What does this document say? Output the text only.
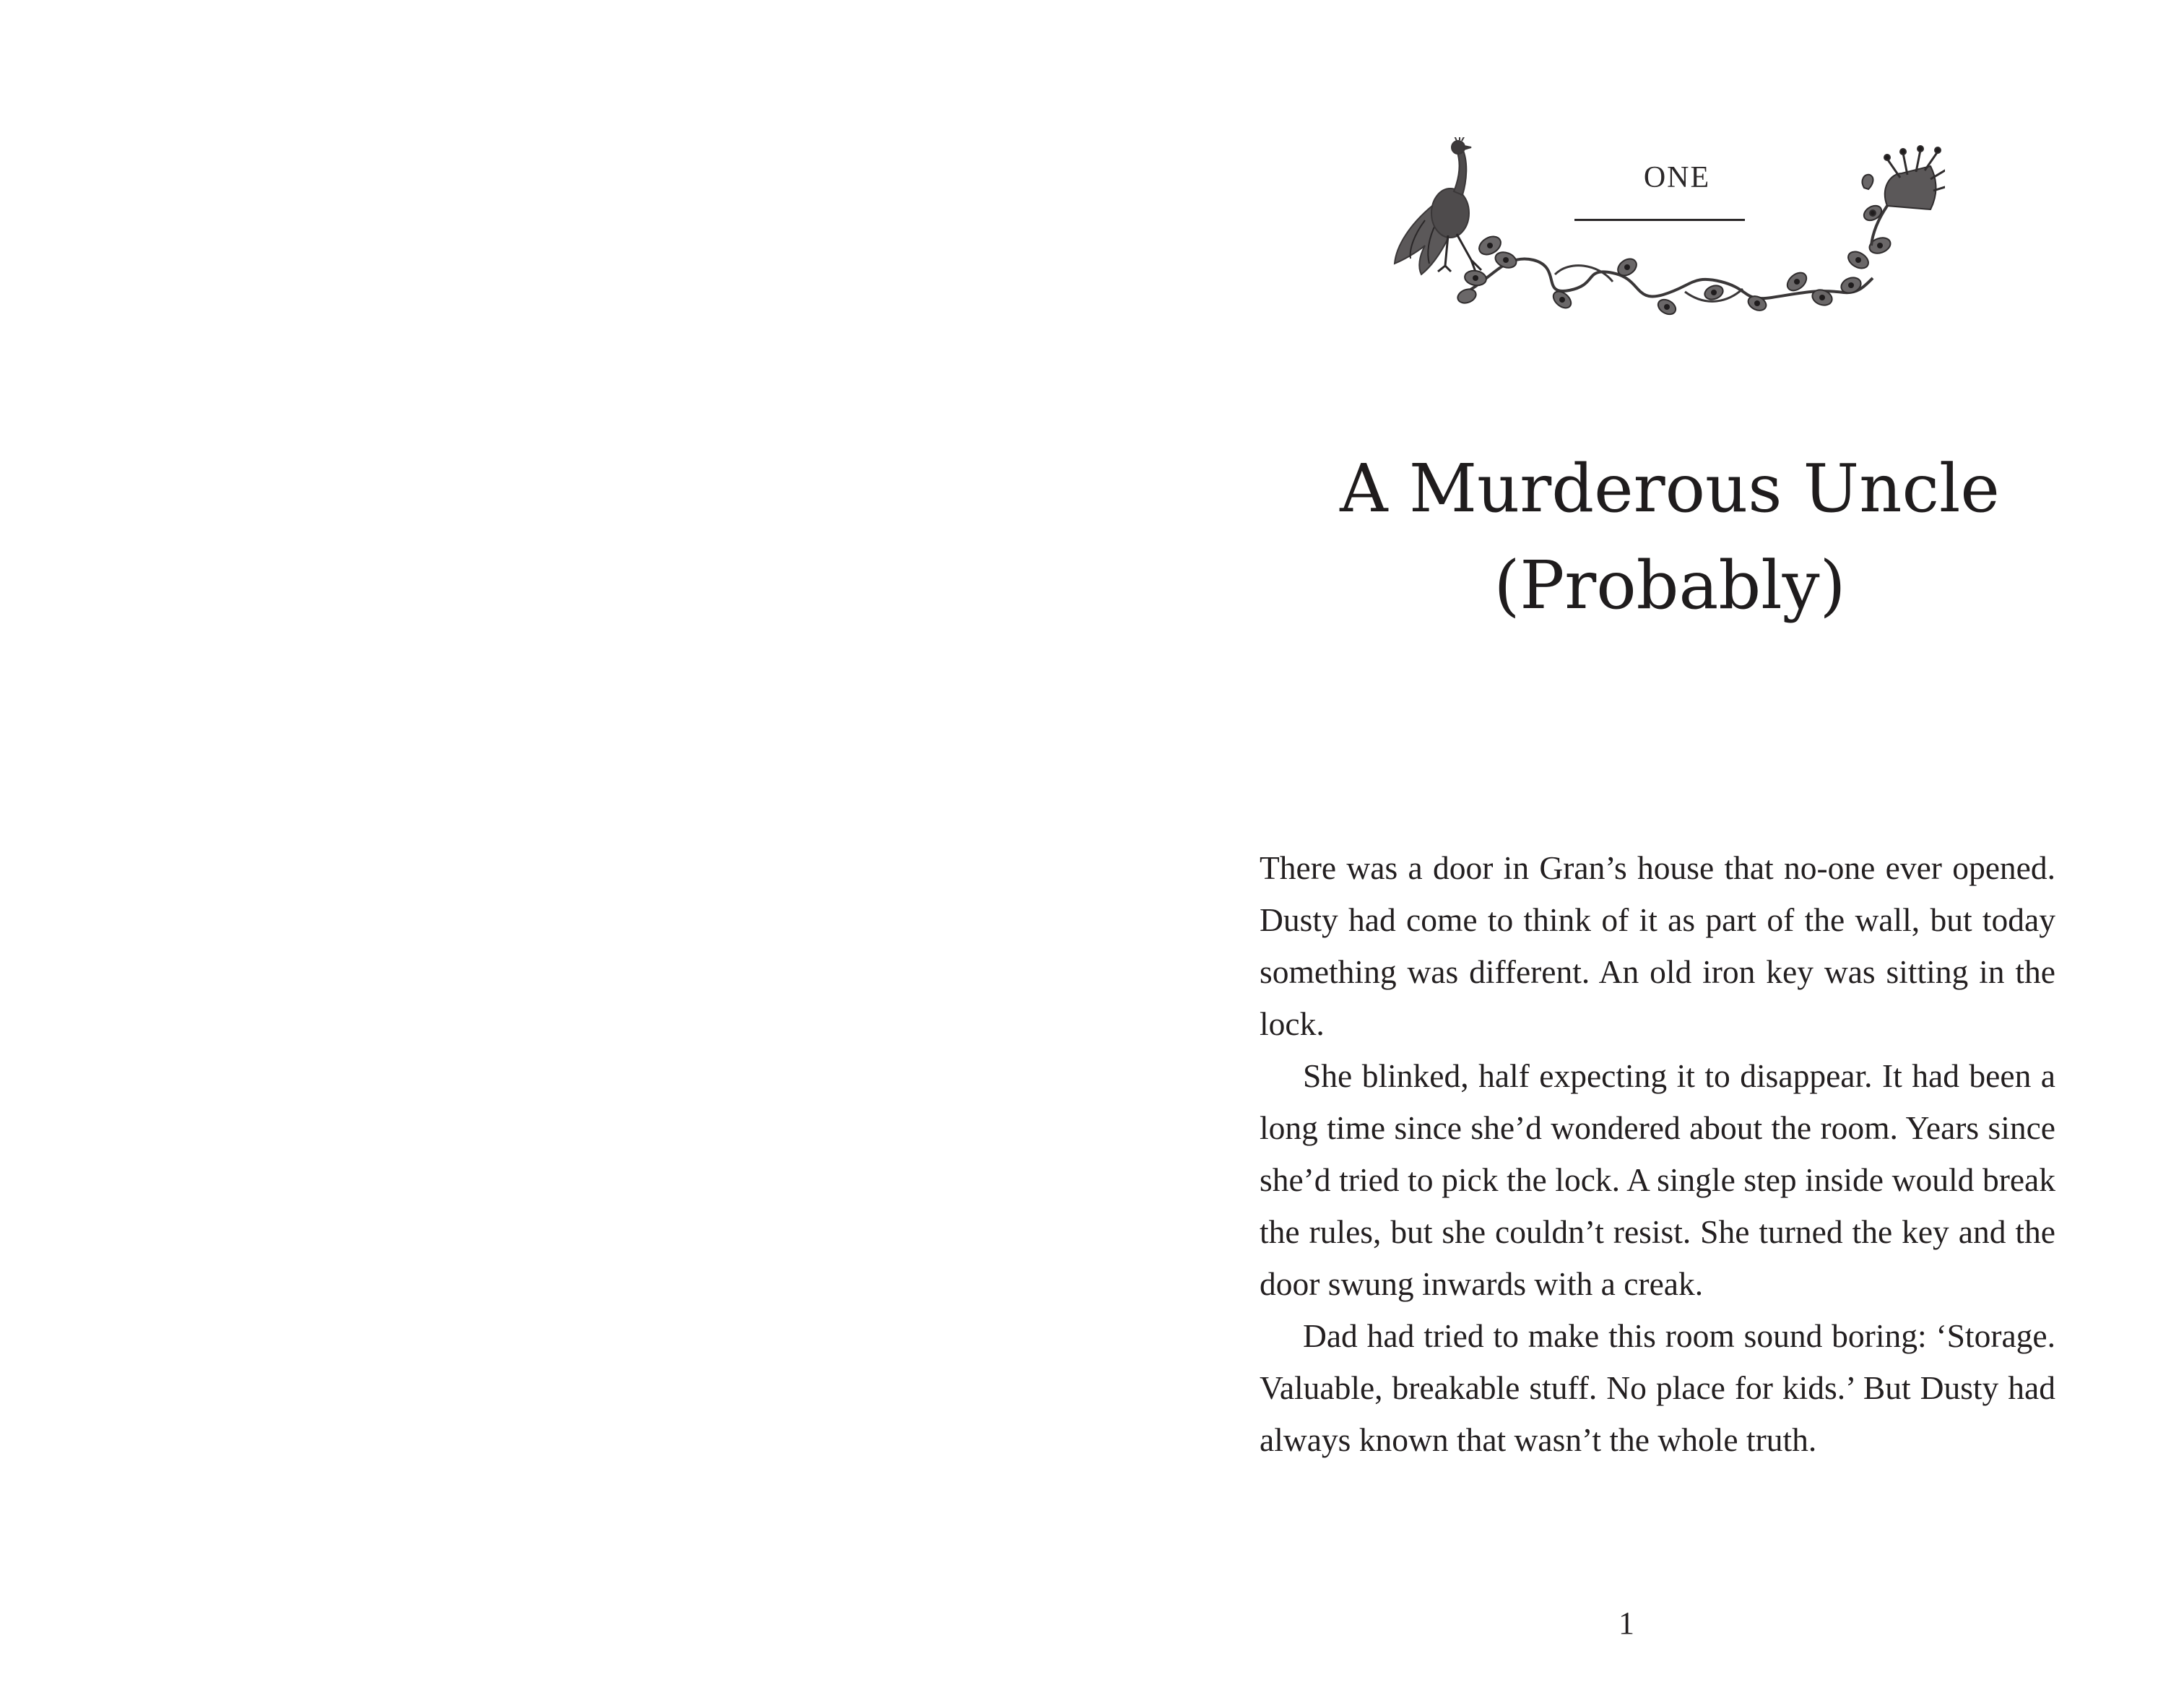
ONE
A Murderous Uncle
(Probably)

There was a door in Gran’s house that no-one ever opened. Dusty had come to think of it as part of the wall, but today something was different. An old iron key was sitting in the lock.

She blinked, half expecting it to disappear. It had been a long time since she’d wondered about the room. Years since she’d tried to pick the lock. A single step inside would break the rules, but she couldn’t resist. She turned the key and the door swung inwards with a creak.

Dad had tried to make this room sound boring: ‘Storage. Valuable, breakable stuff. No place for kids.’ But Dusty had always known that wasn’t the whole truth.

1
